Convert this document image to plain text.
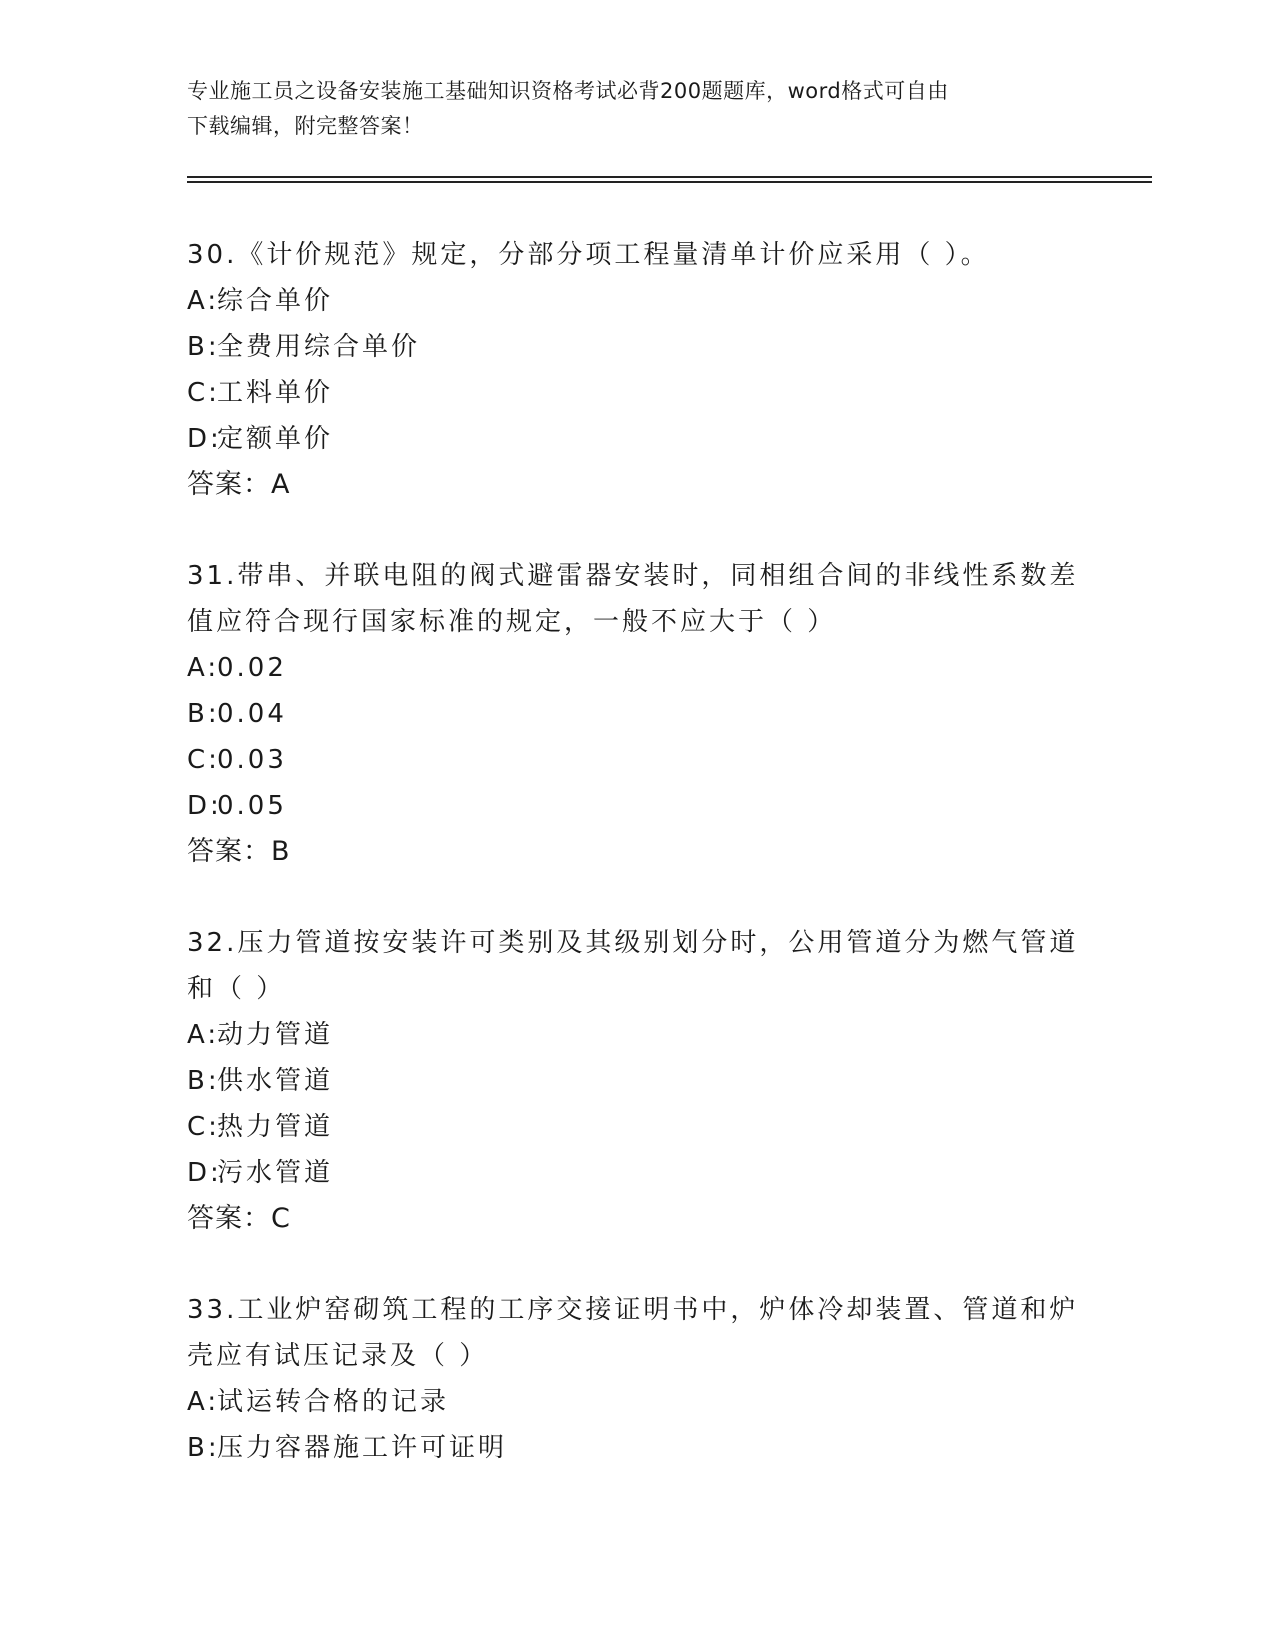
专业施工员之设备安装施工基础知识资格考试必背200题题库，word格式可自由
下载编辑，附完整答案！
30.《计价规范》规定，分部分项工程量清单计价应采用（ ）。
A:
综合单价
B:
全费用综合单价
C:
工料单价
D:
定额单价
答案：A
31.带串、并联电阻的阀式避雷器安装时，同相组合间的非线性系数差值应符合现行国家标准的规定，一般不应大于（ ）
A:
0.02
B:
0.04
C:
0.03
D:
0.05
答案：B
32.压力管道按安装许可类别及其级别划分时，公用管道分为燃气管道和（ ）
A:
动力管道
B:
供水管道
C:
热力管道
D:
污水管道
答案：C
33.工业炉窑砌筑工程的工序交接证明书中，炉体冷却装置、管道和炉壳应有试压记录及（ ）
A:
试运转合格的记录
B:
压力容器施工许可证明
